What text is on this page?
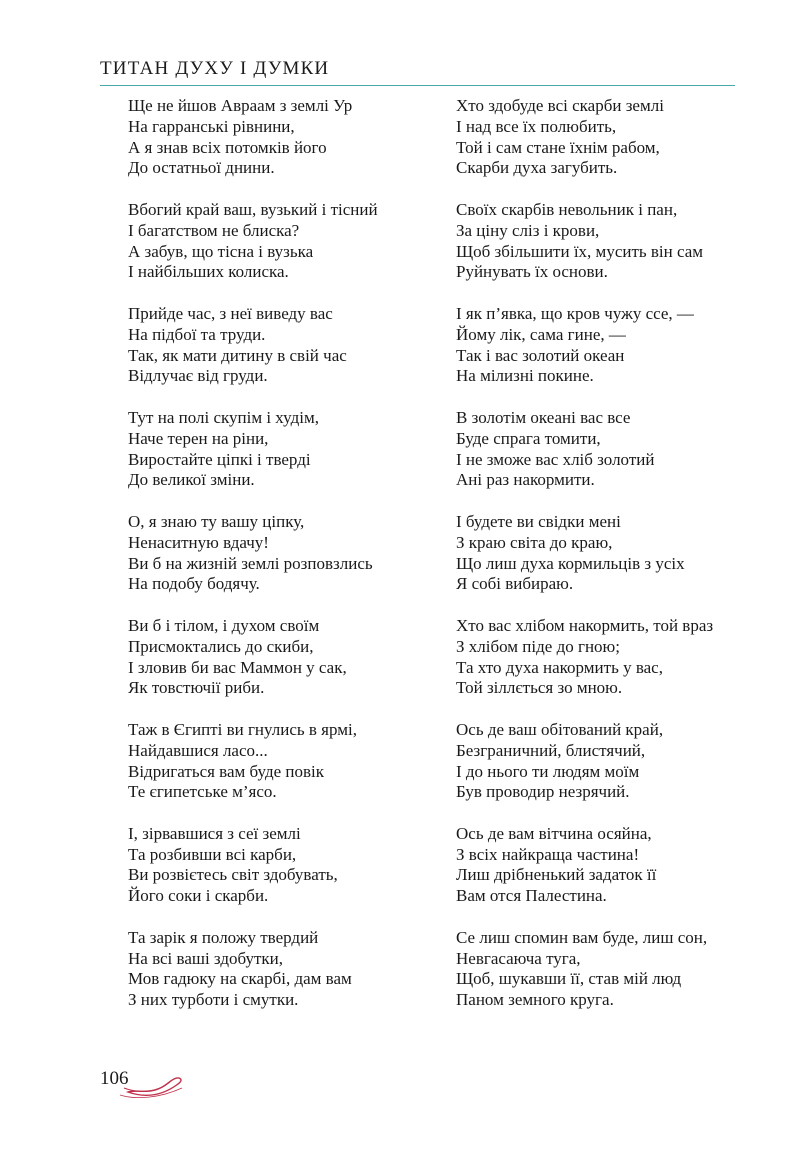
ТИТАН ДУХУ І ДУМКИ
Ще не йшов Авраам з землі Ур
На гарранські рівнини,
А я знав всіх потомків його
До остатньої днини.
Вбогий край ваш, вузький і тісний
І багатством не блиска?
А забув, що тісна і вузька
І найбільших колиска.
Прийде час, з неї виведу вас
На підбої та труди.
Так, як мати дитину в свій час
Відлучає від груди.
Тут на полі скупім і худім,
Наче терен на ріни,
Виростайте цiпкі і тверді
До великої зміни.
О, я знаю ту вашу цiпку,
Ненаситную вдачу!
Ви б на жизній землі розповзлись
На подобу бодячу.
Ви б і тілом, і духом своїм
Присмоктались до скиби,
І зловив би вас Маммон у сак,
Як товстючії риби.
Таж в Єгипті ви гнулись в ярмі,
Найдавшися ласо...
Відригаться вам буде повік
Те єгипетське м’ясо.
І, зірвавшися з сеї землі
Та розбивши всі карби,
Ви розвієтесь світ здобувать,
Його соки і скарби.
Та зарік я положу твердий
На всі ваші здобутки,
Мов гадюку на скарбі, дам вам
З них турботи і смутки.
Хто здобуде всі скарби землі
І над все їх полюбить,
Той і сам стане їхнім рабом,
Скарби духа загубить.
Своїх скарбів невольник і пан,
За ціну сліз і крови,
Щоб збільшити їх, мусить він сам
Руйнувать їх основи.
І як п’явка, що кров чужу ссе, —
Йому лік, сама гине, —
Так і вас золотий океан
На мілизні покине.
В золотім океані вас все
Буде спрага томити,
І не зможе вас хліб золотий
Ані раз накормити.
І будете ви свідки мені
З краю світа до краю,
Що лиш духа кормильців з усіх
Я собі вибираю.
Хто вас хлібом накормить, той враз
З хлібом піде до гною;
Та хто духа накормить у вас,
Той зіллється зо мною.
Ось де ваш обітований край,
Безграничний, блистячий,
І до нього ти людям моїм
Був проводир незрячий.
Ось де вам вітчина осяйна,
З всіх найкраща частина!
Лиш дрібненький задаток її
Вам отся Палестина.
Се лиш спомин вам буде, лиш сон,
Невгасаюча туга,
Щоб, шукавши її, став мій люд
Паном земного круга.
106
